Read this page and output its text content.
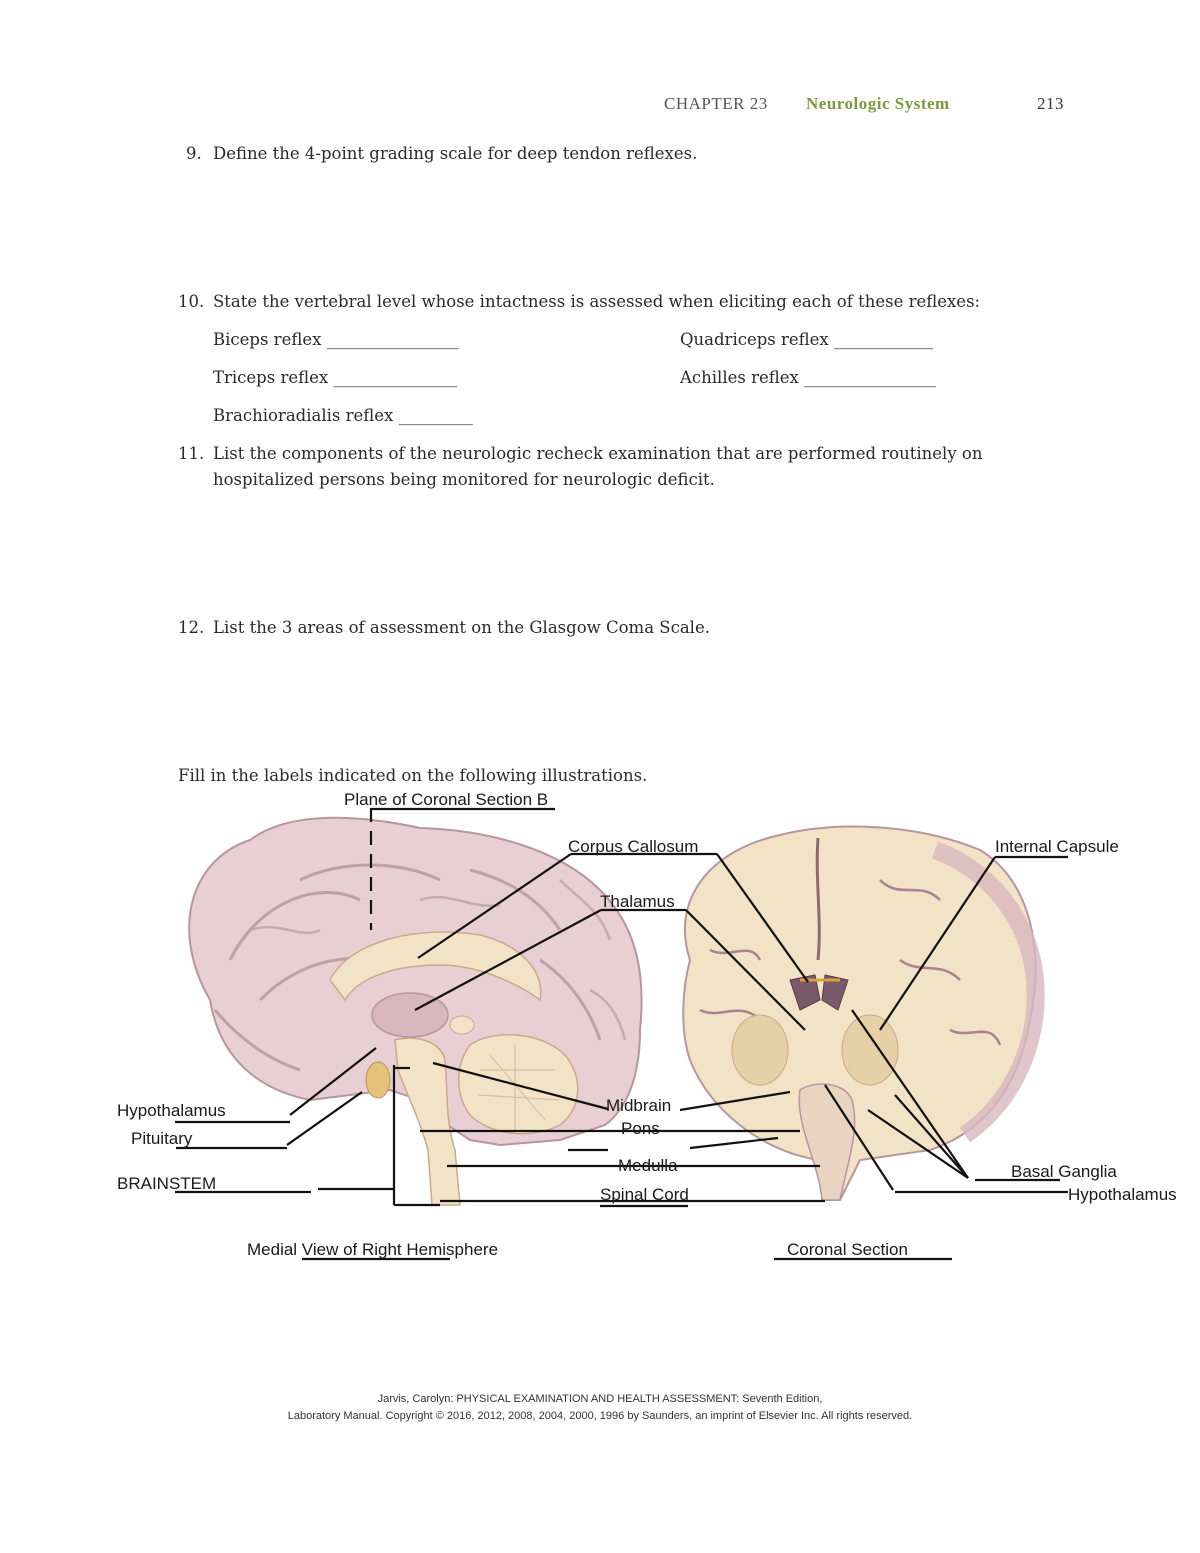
CHAPTER 23 Neurologic System	213
9. Define the 4-point grading scale for deep tendon reflexes.
10. State the vertebral level whose intactness is assessed when eliciting each of these reflexes:
Biceps reflex ________________	Quadriceps reflex ____________
Triceps reflex _______________	Achilles reflex ________________
Brachioradialis reflex _________
11. List the components of the neurologic recheck examination that are performed routinely on
hospitalized persons being monitored for neurologic deficit.
12. List the 3 areas of assessment on the Glasgow Coma Scale.
Fill in the labels indicated on the following illustrations.
Plane of Coronal Section B
Corpus Callosum
Thalamus
Internal Capsule
Hypothalamus
Pituitary
BRAINSTEM
Midbrain
Pons
Medulla
Spinal Cord
Basal Ganglia
Hypothalamus
Medial View of Right Hemisphere	Coronal Section
Jarvis, Carolyn: PHYSICAL EXAMINATION AND HEALTH ASSESSMENT: Seventh Edition,
Laboratory Manual. Copyright © 2016, 2012, 2008, 2004, 2000, 1996 by Saunders, an imprint of Elsevier Inc. All rights reserved.
